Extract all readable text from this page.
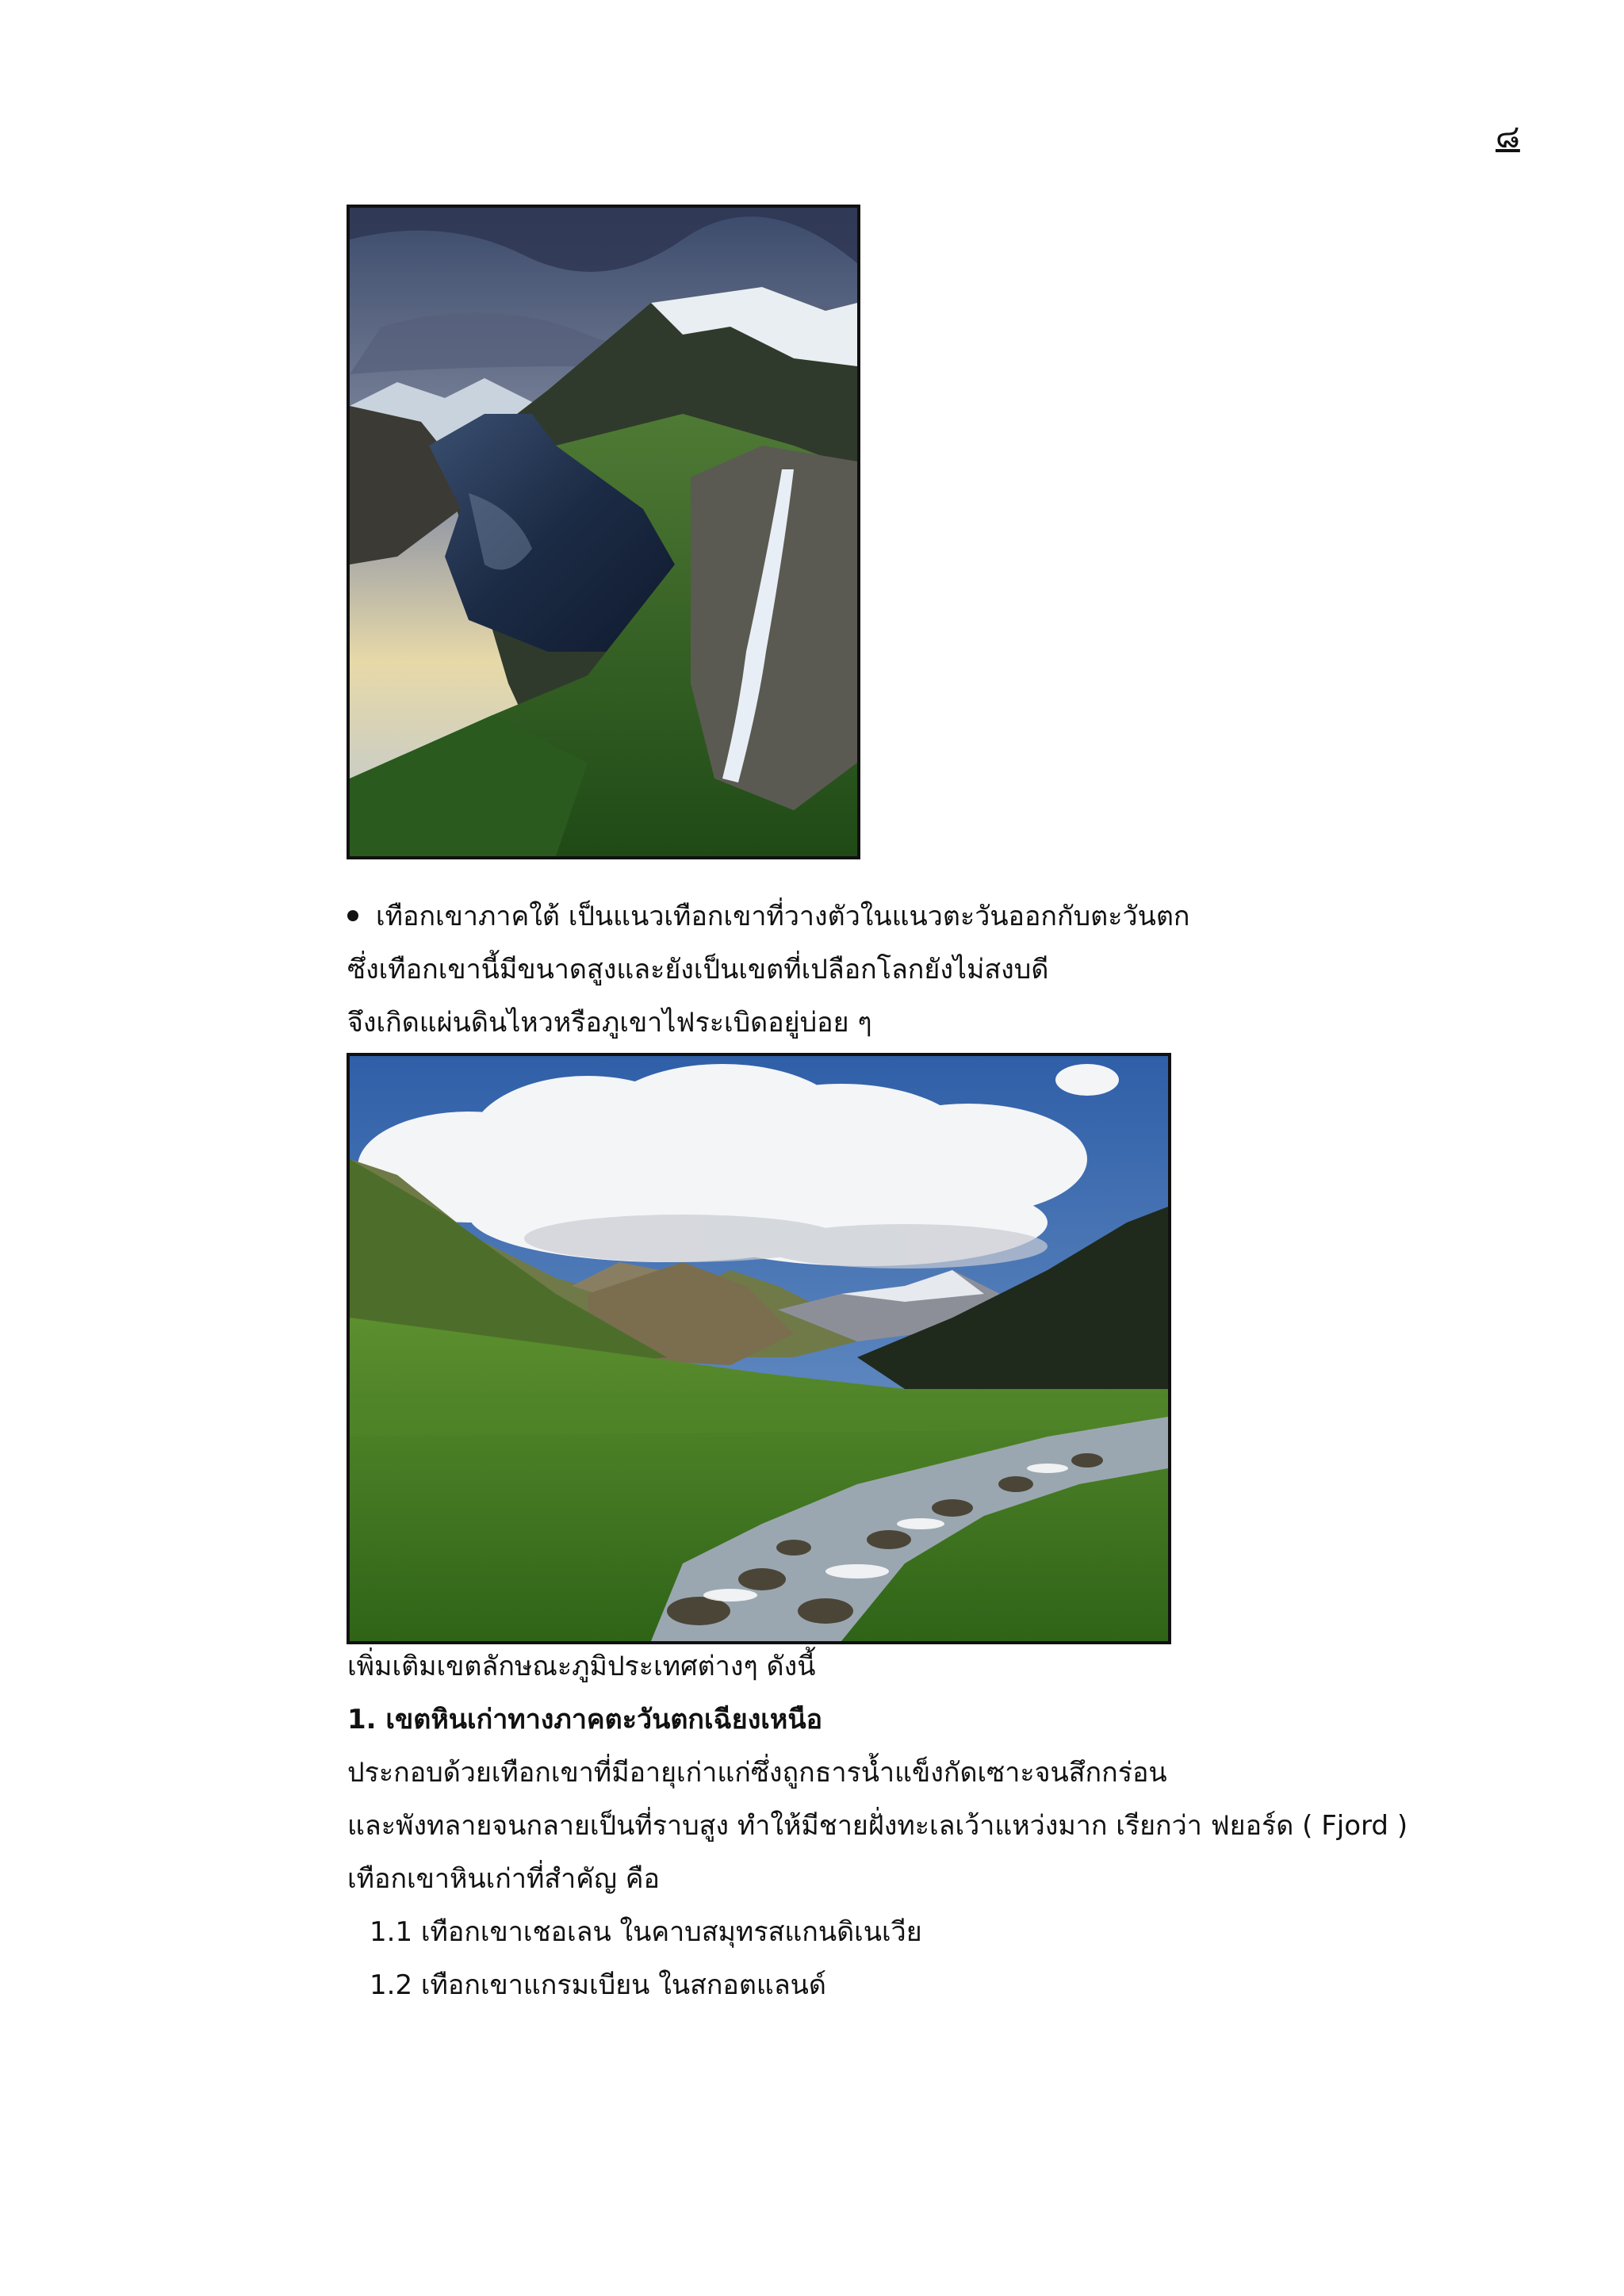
๘
เทือกเขาภาคใต้ เป็นแนวเทือกเขาที่วางตัวในแนวตะวันออกกับตะวันตก
ซึ่งเทือกเขานี้มีขนาดสูงและยังเป็นเขตที่เปลือกโลกยังไม่สงบดี
จึงเกิดแผ่นดินไหวหรือภูเขาไฟระเบิดอยู่บ่อย ๆ
เพิ่มเติมเขตลักษณะภูมิประเทศต่างๆ ดังนี้
1. เขตหินเก่าทางภาคตะวันตกเฉียงเหนือ
ประกอบด้วยเทือกเขาที่มีอายุเก่าแก่ซึ่งถูกธารน้ำแข็งกัดเซาะจนสึกกร่อน
และพังทลายจนกลายเป็นที่ราบสูง ทำให้มีชายฝั่งทะเลเว้าแหว่งมาก เรียกว่า ฟยอร์ด ( Fjord )
เทือกเขาหินเก่าที่สำคัญ คือ
1.1 เทือกเขาเชอเลน ในคาบสมุทรสแกนดิเนเวีย
1.2 เทือกเขาแกรมเบียน ในสกอตแลนด์
